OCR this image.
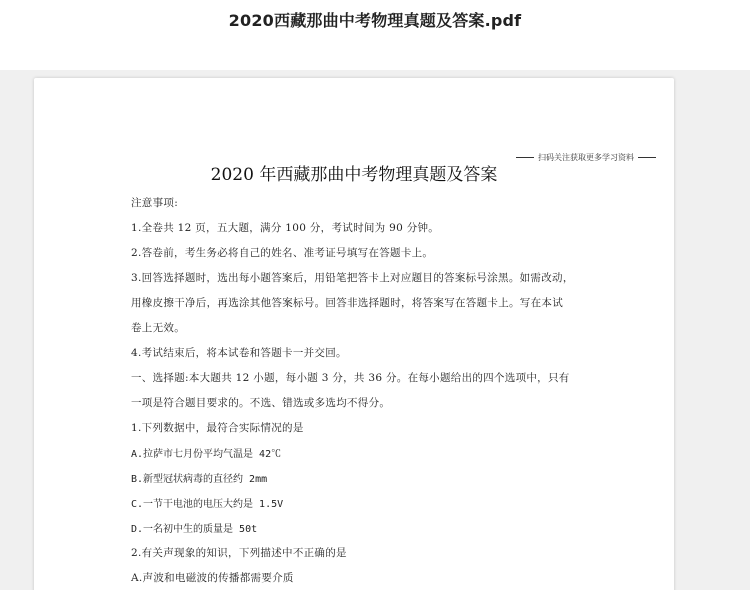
2020西藏那曲中考物理真题及答案.pdf
扫码关注获取更多学习资料
2020 年西藏那曲中考物理真题及答案
注意事项:
1.全卷共 12 页，五大题，满分 100 分，考试时间为 90 分钟。
2.答卷前，考生务必将自己的姓名、准考证号填写在答题卡上。
3.回答选择题时，选出每小题答案后，用铅笔把答卡上对应题目的答案标号涂黑。如需改动，
用橡皮擦干净后，再选涂其他答案标号。回答非选择题时，将答案写在答题卡上。写在本试
卷上无效。
4.考试结束后，将本试卷和答题卡一并交回。
一、选择题:本大题共 12 小题，每小题 3 分，共 36 分。在每小题给出的四个选项中，只有
一项是符合题目要求的。不选、错选或多选均不得分。
1.下列数据中，最符合实际情况的是
A.拉萨市七月份平均气温是 42℃
B.新型冠状病毒的直径约 2mm
C.一节干电池的电压大约是 1.5V
D.一名初中生的质量是 50t
2.有关声现象的知识，下列描述中不正确的是
A.声波和电磁波的传播都需要介质
